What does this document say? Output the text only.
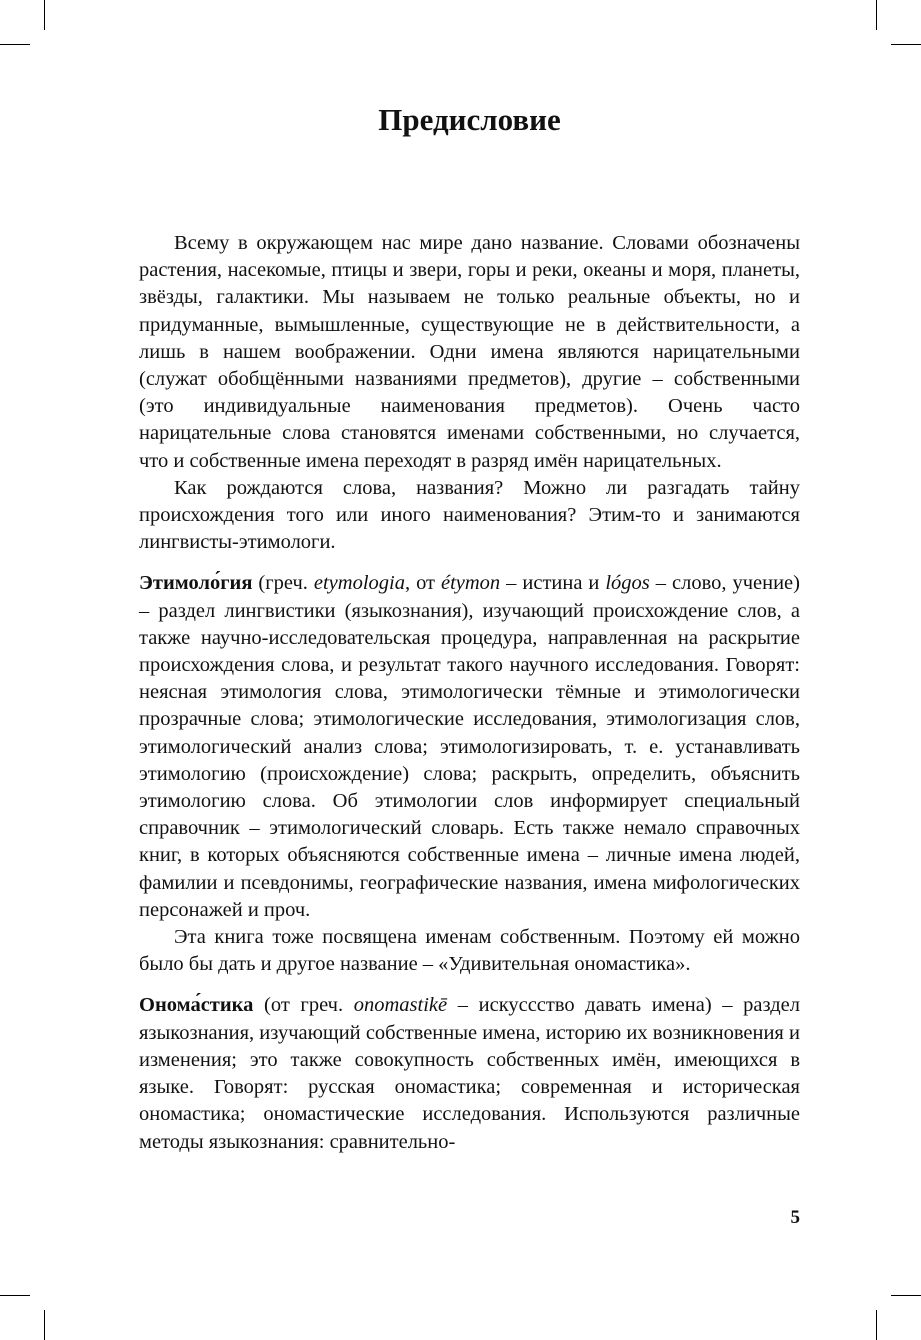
Предисловие

Всему в окружающем нас мире дано название. Словами обозначены растения, насекомые, птицы и звери, горы и реки, океаны и моря, планеты, звёзды, галактики. Мы называем не только реальные объекты, но и придуманные, вымышленные, существующие не в действительности, а лишь в нашем воображении. Одни имена являются нарицательными (служат обобщёнными названиями предметов), другие – собственными (это индивидуальные наименования предметов). Очень часто нарицательные слова становятся именами собственными, но случается, что и собственные имена переходят в разряд имён нарицательных.

Как рождаются слова, названия? Можно ли разгадать тайну происхождения того или иного наименования? Этим-то и занимаются лингвисты-этимологи.

Этимоло́гия (греч. etymologia, от étymon – истина и lógos – слово, учение) – раздел лингвистики (языкознания), изучающий происхождение слов, а также научно-исследовательская процедура, направленная на раскрытие происхождения слова, и результат такого научного исследования. Говорят: неясная этимология слова, этимологически тёмные и этимологически прозрачные слова; этимологические исследования, этимологизация слов, этимологический анализ слова; этимологизировать, т. е. устанавливать этимологию (происхождение) слова; раскрыть, определить, объяснить этимологию слова. Об этимологии слов информирует специальный справочник – этимологический словарь. Есть также немало справочных книг, в которых объясняются собственные имена – личные имена людей, фамилии и псевдонимы, географические названия, имена мифологических персонажей и проч.

Эта книга тоже посвящена именам собственным. Поэтому ей можно было бы дать и другое название – «Удивительная ономастика».

Онома́стика (от греч. onomastikē – искуссство давать имена) – раздел языкознания, изучающий собственные имена, историю их возникновения и изменения; это также совокупность собственных имён, имеющихся в языке. Говорят: русская ономастика; современная и историческая ономастика; ономастические исследования. Используются различные методы языкознания: сравнительно-

5
